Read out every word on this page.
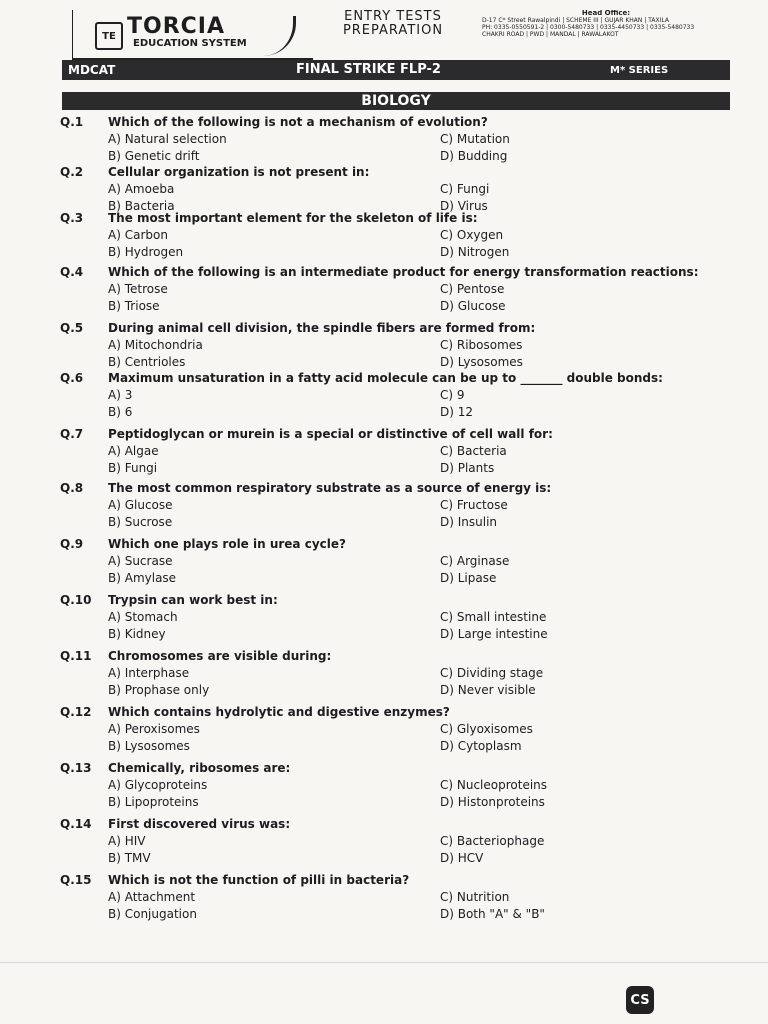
TE TORCIA
EDUCATION SYSTEM
ENTRY TESTS
PREPARATION
Head Office:
D-17 C* Street Rawalpindi | SCHEME III | GUJAR KHAN | TAXILA
PH: 0335-0550591-2 | 0300-5480733 | 0335-4450733 | 0335-5480733
CHAKRI ROAD | PWD | MANDAL | RAWALAKOT
MDCAT	FINAL STRIKE FLP-2	M* SERIES
BIOLOGY
Q.1 Which of the following is not a mechanism of evolution?
A) Natural selection
B) Genetic drift
C) Mutation
D) Budding
Q.2 Cellular organization is not present in:
A) Amoeba
B) Bacteria
C) Fungi
D) Virus
Q.3 The most important element for the skeleton of life is:
A) Carbon
B) Hydrogen
C) Oxygen
D) Nitrogen
Q.4 Which of the following is an intermediate product for energy transformation reactions:
A) Tetrose
B) Triose
C) Pentose
D) Glucose
Q.5 During animal cell division, the spindle fibers are formed from:
A) Mitochondria
B) Centrioles
C) Ribosomes
D) Lysosomes
Q.6 Maximum unsaturation in a fatty acid molecule can be up to _______ double bonds:
A) 3
B) 6
C) 9
D) 12
Q.7 Peptidoglycan or murein is a special or distinctive of cell wall for:
A) Algae
B) Fungi
C) Bacteria
D) Plants
Q.8 The most common respiratory substrate as a source of energy is:
A) Glucose
B) Sucrose
C) Fructose
D) Insulin
Q.9 Which one plays role in urea cycle?
A) Sucrase
B) Amylase
C) Arginase
D) Lipase
Q.10 Trypsin can work best in:
A) Stomach
B) Kidney
C) Small intestine
D) Large intestine
Q.11 Chromosomes are visible during:
A) Interphase
B) Prophase only
C) Dividing stage
D) Never visible
Q.12 Which contains hydrolytic and digestive enzymes?
A) Peroxisomes
B) Lysosomes
C) Glyoxisomes
D) Cytoplasm
Q.13 Chemically, ribosomes are:
A) Glycoproteins
B) Lipoproteins
C) Nucleoproteins
D) Histonproteins
Q.14 First discovered virus was:
A) HIV
B) TMV
C) Bacteriophage
D) HCV
Q.15 Which is not the function of pilli in bacteria?
A) Attachment
B) Conjugation
C) Nutrition
D) Both "A" & "B"
CS
